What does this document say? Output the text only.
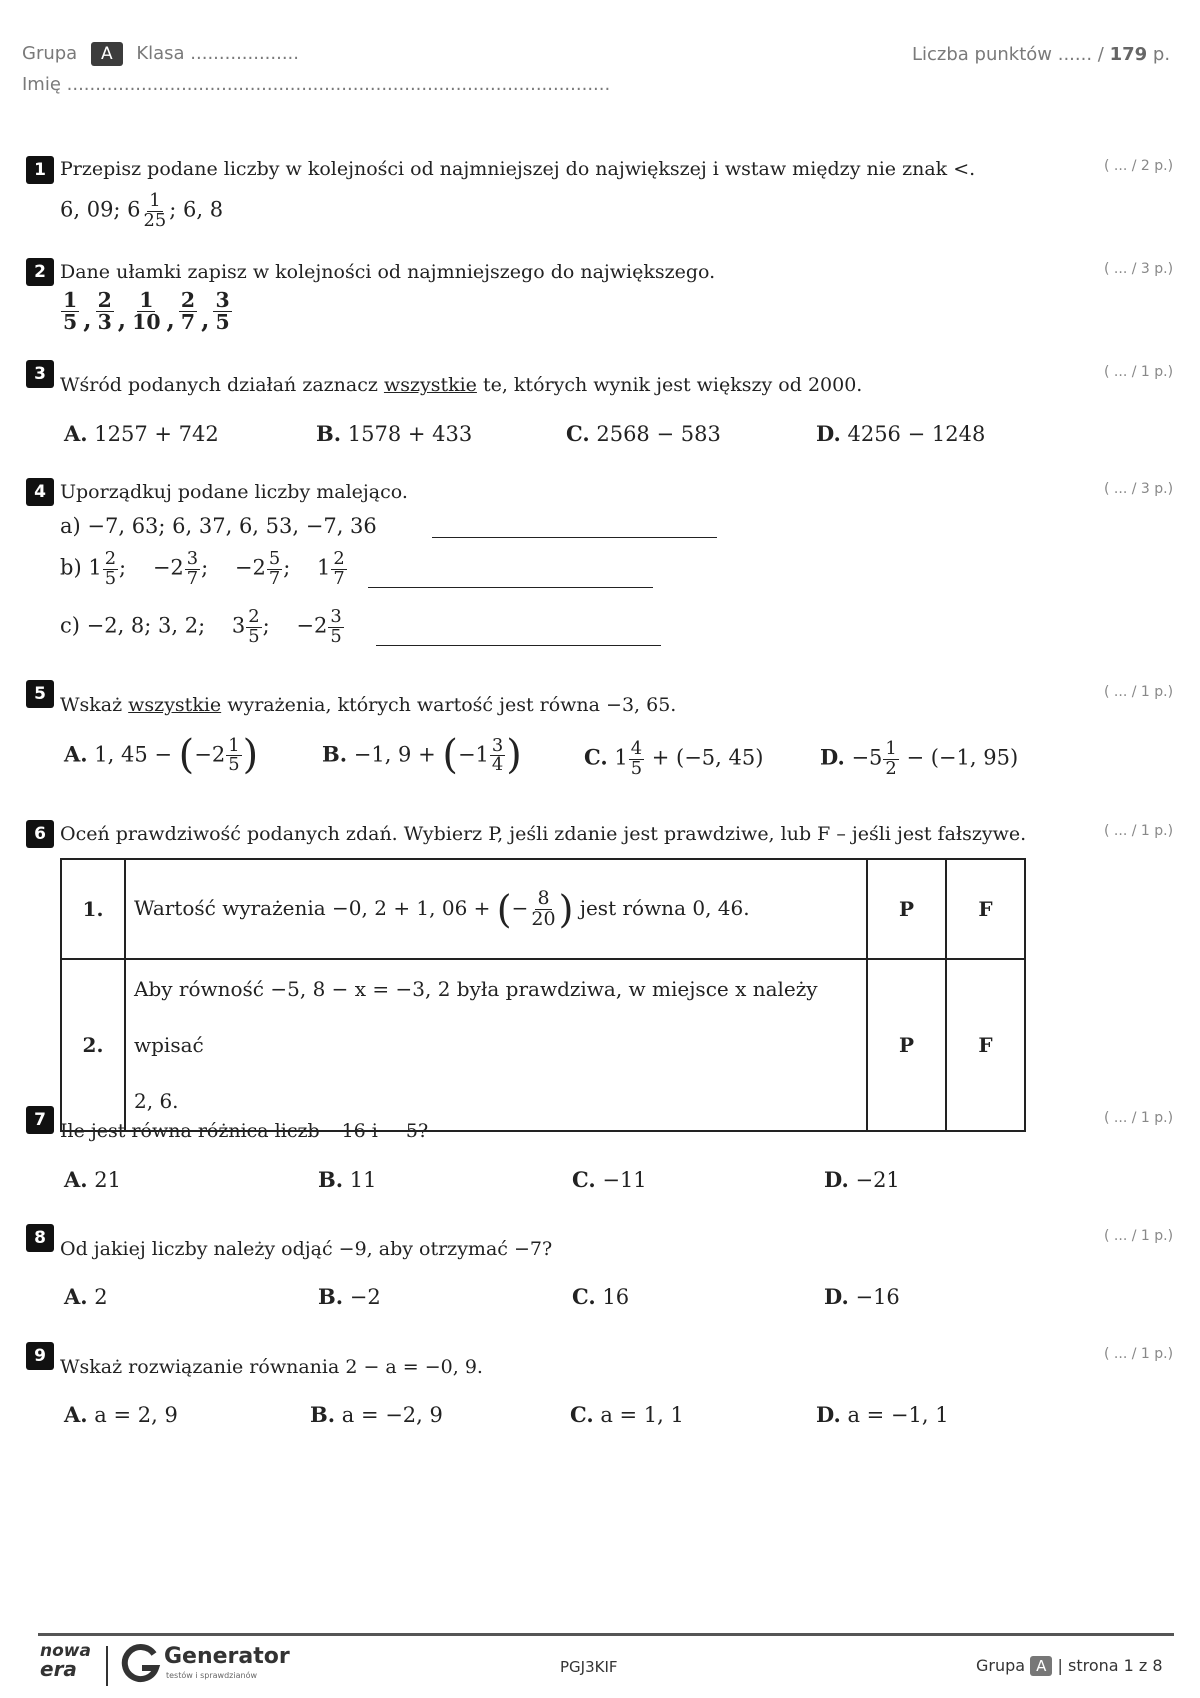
Grupa A Klasa ...................
Imię ...............................................................................................
Liczba punktów ...... / 179 p.
1 Przepisz podane liczby w kolejności od najmniejszej do największej i wstaw między nie znak <.	( ... / 2 p.)
6, 09; $6 \frac{1}{25}$ ; 6, 8
2 Dane ułamki zapisz w kolejności od najmniejszego do największego.	( ... / 3 p.)
$\frac{1}{5}$ , $\frac{2}{3}$ , $\frac{1}{10}$ , $\frac{2}{7}$ , $\frac{3}{5}$
3 Wśród podanych działań zaznacz wszystkie te, których wynik jest większy od 2000.
( ... / 1 p.)
A. 1257 + 742	B. 1578 + 433	C. 2568 − 583	D. 4256 − 1248
4 Uporządkuj podane liczby malejąco.	( ... / 3 p.)
a) −7, 63; 6, 37, 6, 53, −7, 36
b) $1 \frac{2}{5}$ ;    $-2 \frac{3}{7}$ ;    $-2 \frac{5}{7}$ ;    $1 \frac{2}{7}$
c) −2, 8; 3, 2;    $3 \frac{2}{5}$ ;    $-2 \frac{3}{5}$
5 Wskaż wszystkie wyrażenia, których wartość jest równa −3, 65.
( ... / 1 p.)
A. 1, $45 - (-2 \frac{1}{5}$ )	B. −1, $9 + (-1 \frac{3}{4}$ )	C. $1 \frac{4}{5} + (-5$, 45)	D. $-5 \frac{1}{2} - (-1$, 95)
6 Oceń prawdziwość podanych zdań. Wybierz P, jeśli zdanie jest prawdziwe, lub F – jeśli jest fałszywe.	( ... / 1 p.)
1.	Wartość wyrażenia −0, 2 + 1, 06 + (− $\frac{8}{20}$ ) jest równa 0, 46.	P	F
2.	Aby równość −5, 8 − x = −3, 2 była prawdziwa, w miejsce x należy wpisać
2, 6.	P	F
7 Ile jest równa różnica liczb −16 i − 5?
( ... / 1 p.)
A. 21	B. 11	C. −11	D. −21
8 Od jakiej liczby należy odjąć −9, aby otrzymać −7?
( ... / 1 p.)
A. 2	B. −2	C. 16	D. −16
9 Wskaż rozwiązanie równania 2 − a = −0, 9.
( ... / 1 p.)
A. a = 2, 9	B. a = −2, 9	C. a = 1, 1	D. a = −1, 1
nowa
era	Generator
testów i sprawdzianów	PGJ3KIF	Grupa A | strona 1 z 8
